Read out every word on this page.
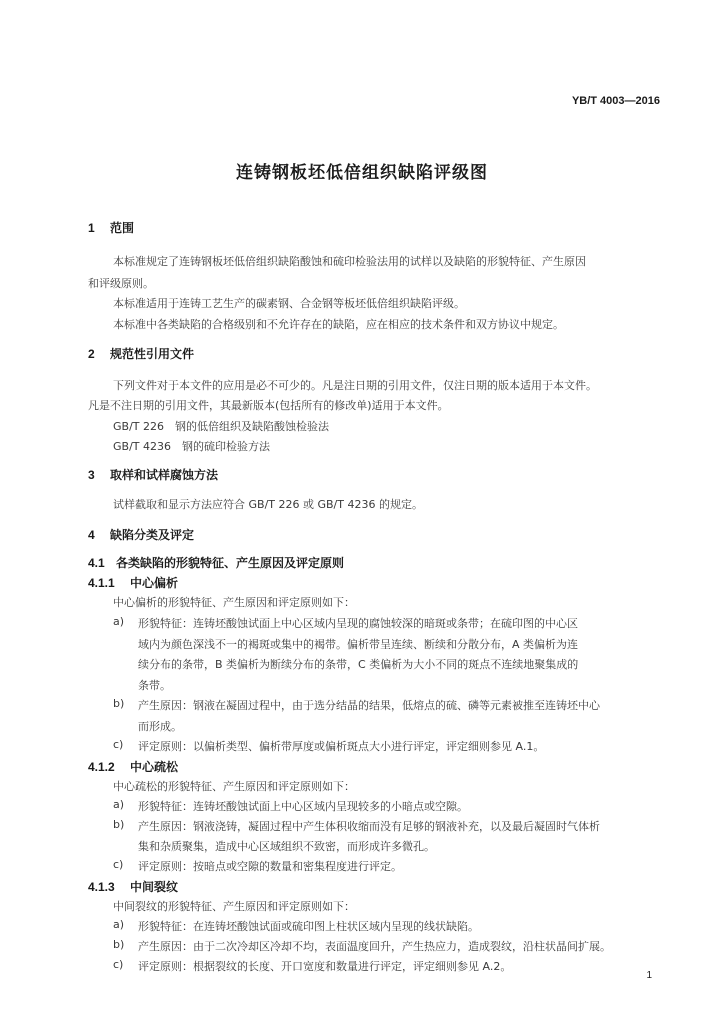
YB/T 4003—2016
连铸钢板坯低倍组织缺陷评级图
1 范围
本标准规定了连铸钢板坯低倍组织缺陷酸蚀和硫印检验法用的试样以及缺陷的形貌特征、产生原因
和评级原则。
本标准适用于连铸工艺生产的碳素钢、合金钢等板坯低倍组织缺陷评级。
本标准中各类缺陷的合格级别和不允许存在的缺陷，应在相应的技术条件和双方协议中规定。
2 规范性引用文件
下列文件对于本文件的应用是必不可少的。凡是注日期的引用文件，仅注日期的版本适用于本文件。
凡是不注日期的引用文件，其最新版本(包括所有的修改单)适用于本文件。
GB/T 226　钢的低倍组织及缺陷酸蚀检验法
GB/T 4236　钢的硫印检验方法
3 取样和试样腐蚀方法
试样截取和显示方法应符合 GB/T 226 或 GB/T 4236 的规定。
4 缺陷分类及评定
4.1 各类缺陷的形貌特征、产生原因及评定原则
4.1.1 中心偏析
中心偏析的形貌特征、产生原因和评定原则如下：
a) 形貌特征：连铸坯酸蚀试面上中心区域内呈现的腐蚀较深的暗斑或条带；在硫印图的中心区
域内为颜色深浅不一的褐斑或集中的褐带。偏析带呈连续、断续和分散分布，A 类偏析为连
续分布的条带，B 类偏析为断续分布的条带，C 类偏析为大小不同的斑点不连续地聚集成的
条带。
b) 产生原因：钢液在凝固过程中，由于选分结晶的结果，低熔点的硫、磷等元素被推至连铸坯中心
而形成。
c) 评定原则：以偏析类型、偏析带厚度或偏析斑点大小进行评定，评定细则参见 A.1。
4.1.2 中心疏松
中心疏松的形貌特征、产生原因和评定原则如下：
a) 形貌特征：连铸坯酸蚀试面上中心区域内呈现较多的小暗点或空隙。
b) 产生原因：钢液浇铸，凝固过程中产生体积收缩而没有足够的钢液补充，以及最后凝固时气体析
集和杂质聚集，造成中心区域组织不致密，而形成许多微孔。
c) 评定原则：按暗点或空隙的数量和密集程度进行评定。
4.1.3 中间裂纹
中间裂纹的形貌特征、产生原因和评定原则如下：
a) 形貌特征：在连铸坯酸蚀试面或硫印图上柱状区域内呈现的线状缺陷。
b) 产生原因：由于二次冷却区冷却不均，表面温度回升，产生热应力，造成裂纹，沿柱状晶间扩展。
c) 评定原则：根据裂纹的长度、开口宽度和数量进行评定，评定细则参见 A.2。
1
